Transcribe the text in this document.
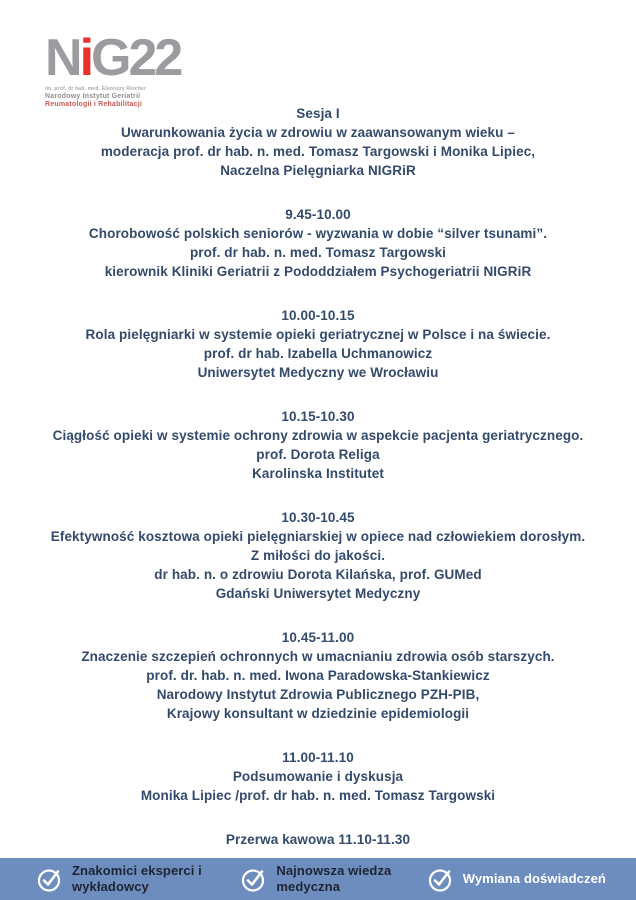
NiG22
im. prof. dr hab. med. Eleonory Reicher
Narodowy Instytut Geriatrii
Reumatologii i Rehabilitacji
Sesja I

Uwarunkowania życia w zdrowiu w zaawansowanym wieku –

moderacja prof. dr hab. n. med. Tomasz Targowski i Monika Lipiec,

Naczelna Pielęgniarka NIGRiR

9.45-10.00

Chorobowość polskich seniorów - wyzwania w dobie “silver tsunami”.

prof. dr hab. n. med. Tomasz Targowski

kierownik Kliniki Geriatrii z Pododdziałem Psychogeriatrii NIGRiR

10.00-10.15

Rola pielęgniarki w systemie opieki geriatrycznej w Polsce i na świecie.

prof. dr hab. Izabella Uchmanowicz

Uniwersytet Medyczny we Wrocławiu

10.15-10.30

Ciągłość opieki w systemie ochrony zdrowia w aspekcie pacjenta geriatrycznego.

prof. Dorota Religa

Karolinska Institutet

10.30-10.45

Efektywność kosztowa opieki pielęgniarskiej w opiece nad człowiekiem dorosłym.

Z miłości do jakości.

dr hab. n. o zdrowiu Dorota Kilańska, prof. GUMed

Gdański Uniwersytet Medyczny

10.45-11.00

Znaczenie szczepień ochronnych w umacnianiu zdrowia osób starszych.

prof. dr. hab. n. med. Iwona Paradowska-Stankiewicz

Narodowy Instytut Zdrowia Publicznego PZH-PIB,

Krajowy konsultant w dziedzinie epidemiologii

11.00-11.10

Podsumowanie i dyskusja

Monika Lipiec /prof. dr hab. n. med. Tomasz Targowski

Przerwa kawowa 11.10-11.30

Znakomici eksperci i wykładowcy
Najnowsza wiedza medyczna
Wymiana doświadczeń
